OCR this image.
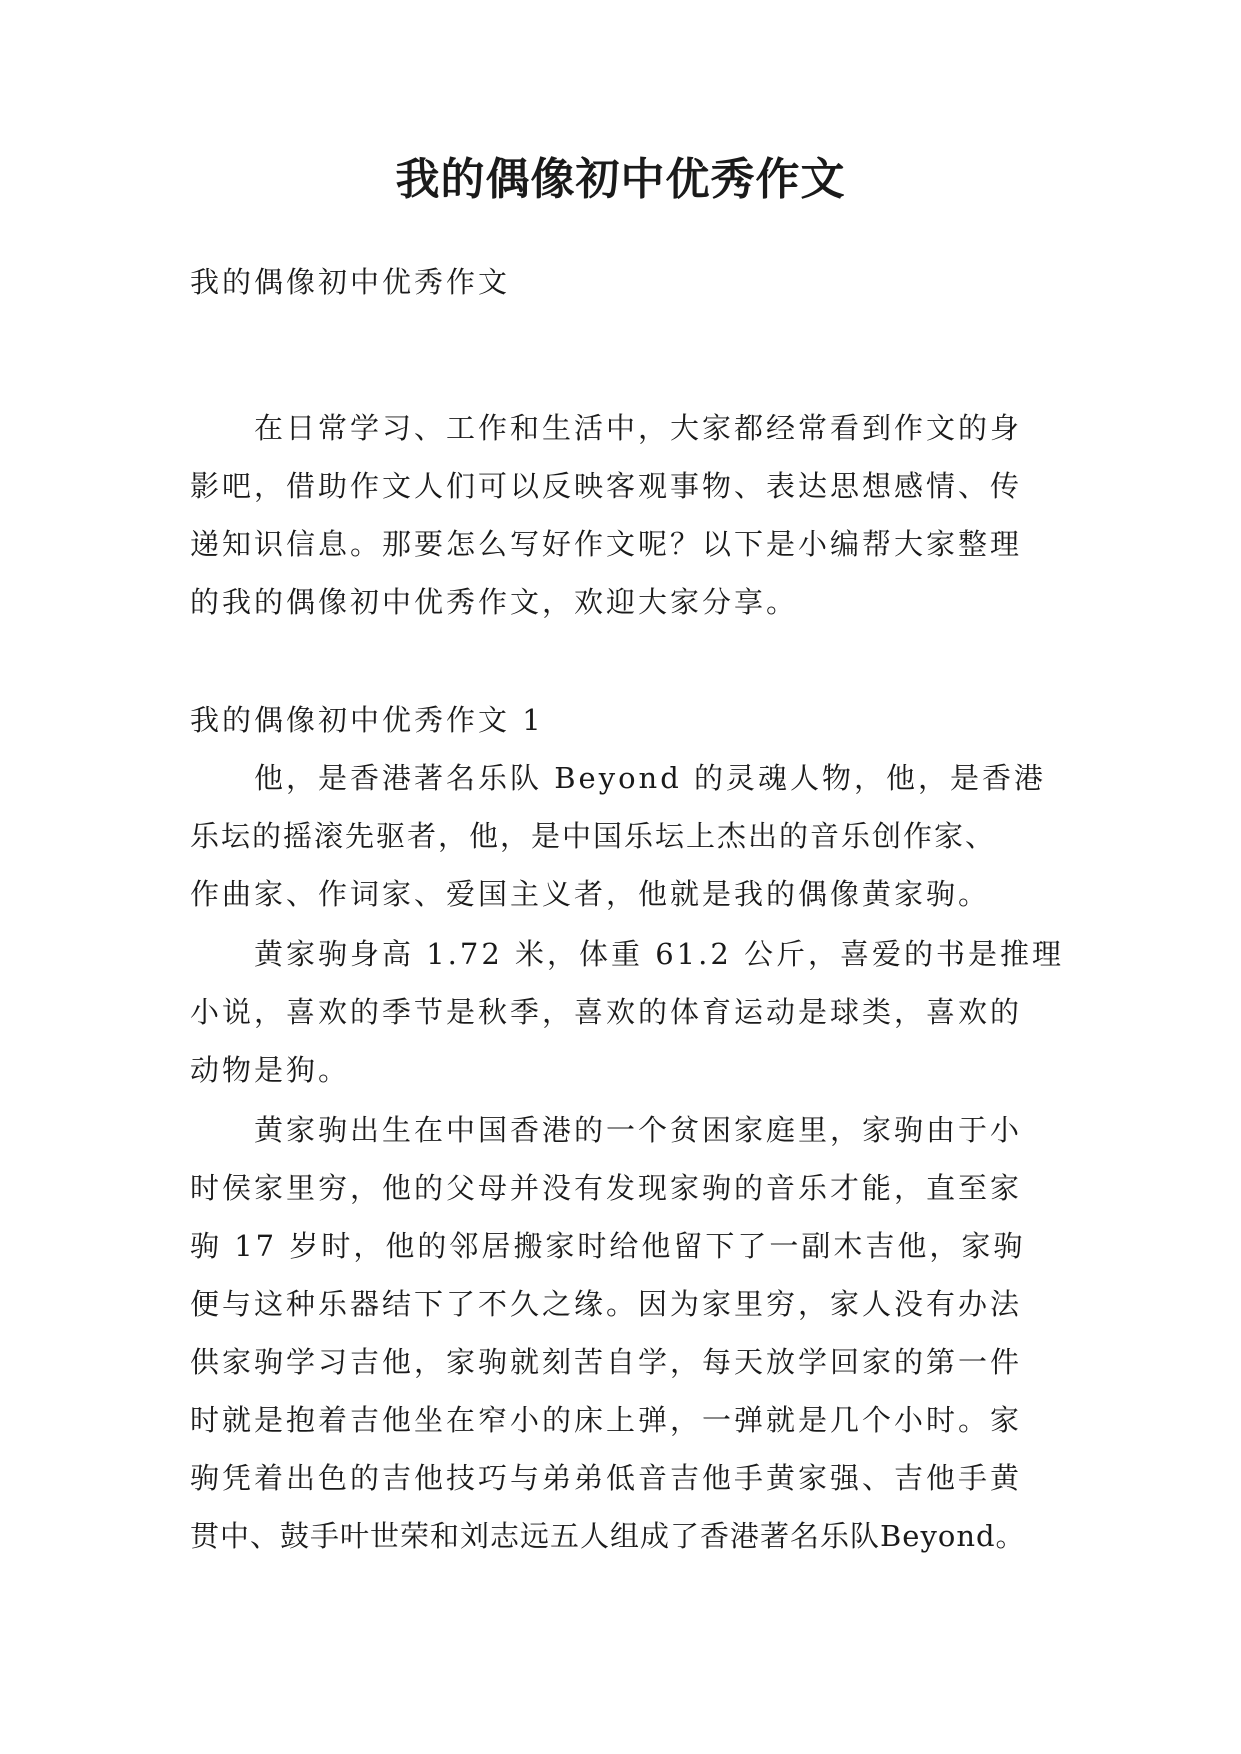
我的偶像初中优秀作文
我的偶像初中优秀作文
在日常学习、工作和生活中，大家都经常看到作文的身
影吧，借助作文人们可以反映客观事物、表达思想感情、传
递知识信息。那要怎么写好作文呢？以下是小编帮大家整理
的我的偶像初中优秀作文，欢迎大家分享。
我的偶像初中优秀作文 1
他，是香港著名乐队 Beyond 的灵魂人物，他，是香港
乐坛的摇滚先驱者，他，是中国乐坛上杰出的音乐创作家、
作曲家、作词家、爱国主义者，他就是我的偶像黄家驹。
黄家驹身高 1.72 米，体重 61.2 公斤，喜爱的书是推理
小说，喜欢的季节是秋季，喜欢的体育运动是球类，喜欢的
动物是狗。
黄家驹出生在中国香港的一个贫困家庭里，家驹由于小
时侯家里穷，他的父母并没有发现家驹的音乐才能，直至家
驹 17 岁时，他的邻居搬家时给他留下了一副木吉他，家驹
便与这种乐器结下了不久之缘。因为家里穷，家人没有办法
供家驹学习吉他，家驹就刻苦自学，每天放学回家的第一件
时就是抱着吉他坐在窄小的床上弹，一弹就是几个小时。家
驹凭着出色的吉他技巧与弟弟低音吉他手黄家强、吉他手黄
贯中、鼓手叶世荣和刘志远五人组成了香港著名乐队Beyond。
